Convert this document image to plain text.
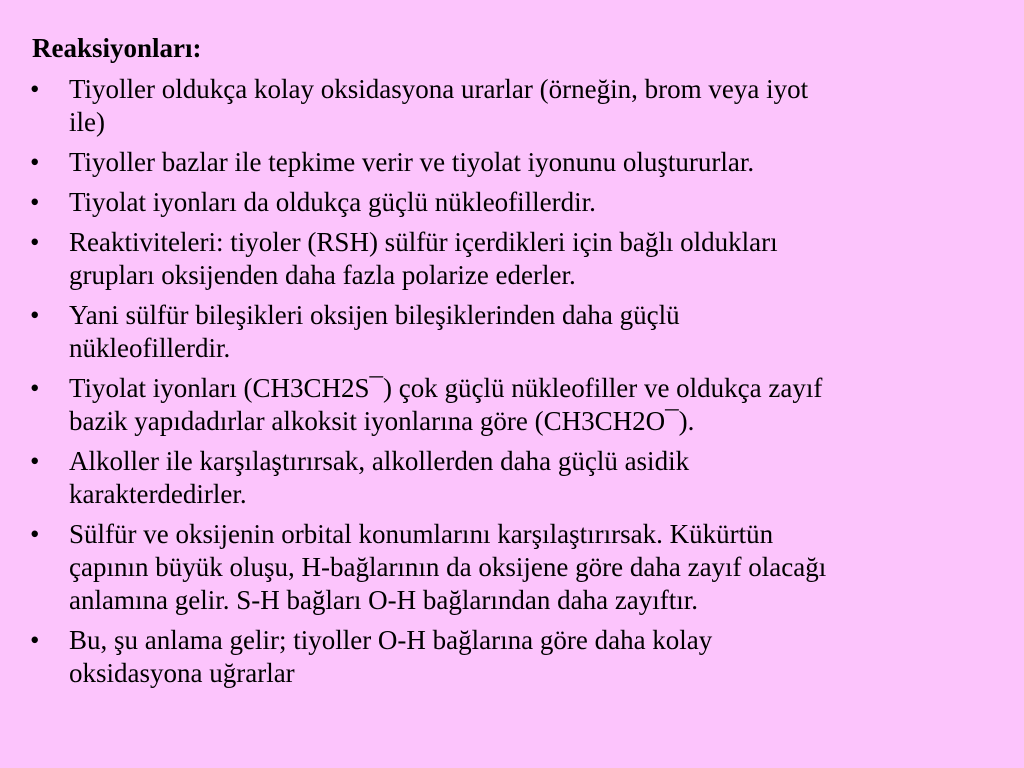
Reaksiyonları:
•	Tiyoller oldukça kolay oksidasyona urarlar (örneğin, brom veya iyot
ile)
•	Tiyoller bazlar ile tepkime verir ve tiyolat iyonunu oluştururlar.
•	Tiyolat iyonları da oldukça güçlü nükleofillerdir.
•	Reaktiviteleri: tiyoler (RSH) sülfür içerdikleri için bağlı oldukları
grupları oksijenden daha fazla polarize ederler.
•	Yani sülfür bileşikleri oksijen bileşiklerinden daha güçlü
nükleofillerdir.
•	Tiyolat iyonları (CH3CH2S¯) çok güçlü nükleofiller ve oldukça zayıf
bazik yapıdadırlar alkoksit iyonlarına göre (CH3CH2O¯).
•	Alkoller ile karşılaştırırsak, alkollerden daha güçlü asidik
karakterdedirler.
•	Sülfür ve oksijenin orbital konumlarını karşılaştırırsak. Kükürtün
çapının büyük oluşu, H-bağlarının da oksijene göre daha zayıf olacağı
anlamına gelir. S-H bağları O-H bağlarından daha zayıftır.
•	Bu, şu anlama gelir; tiyoller O-H bağlarına göre daha kolay
oksidasyona uğrarlar
